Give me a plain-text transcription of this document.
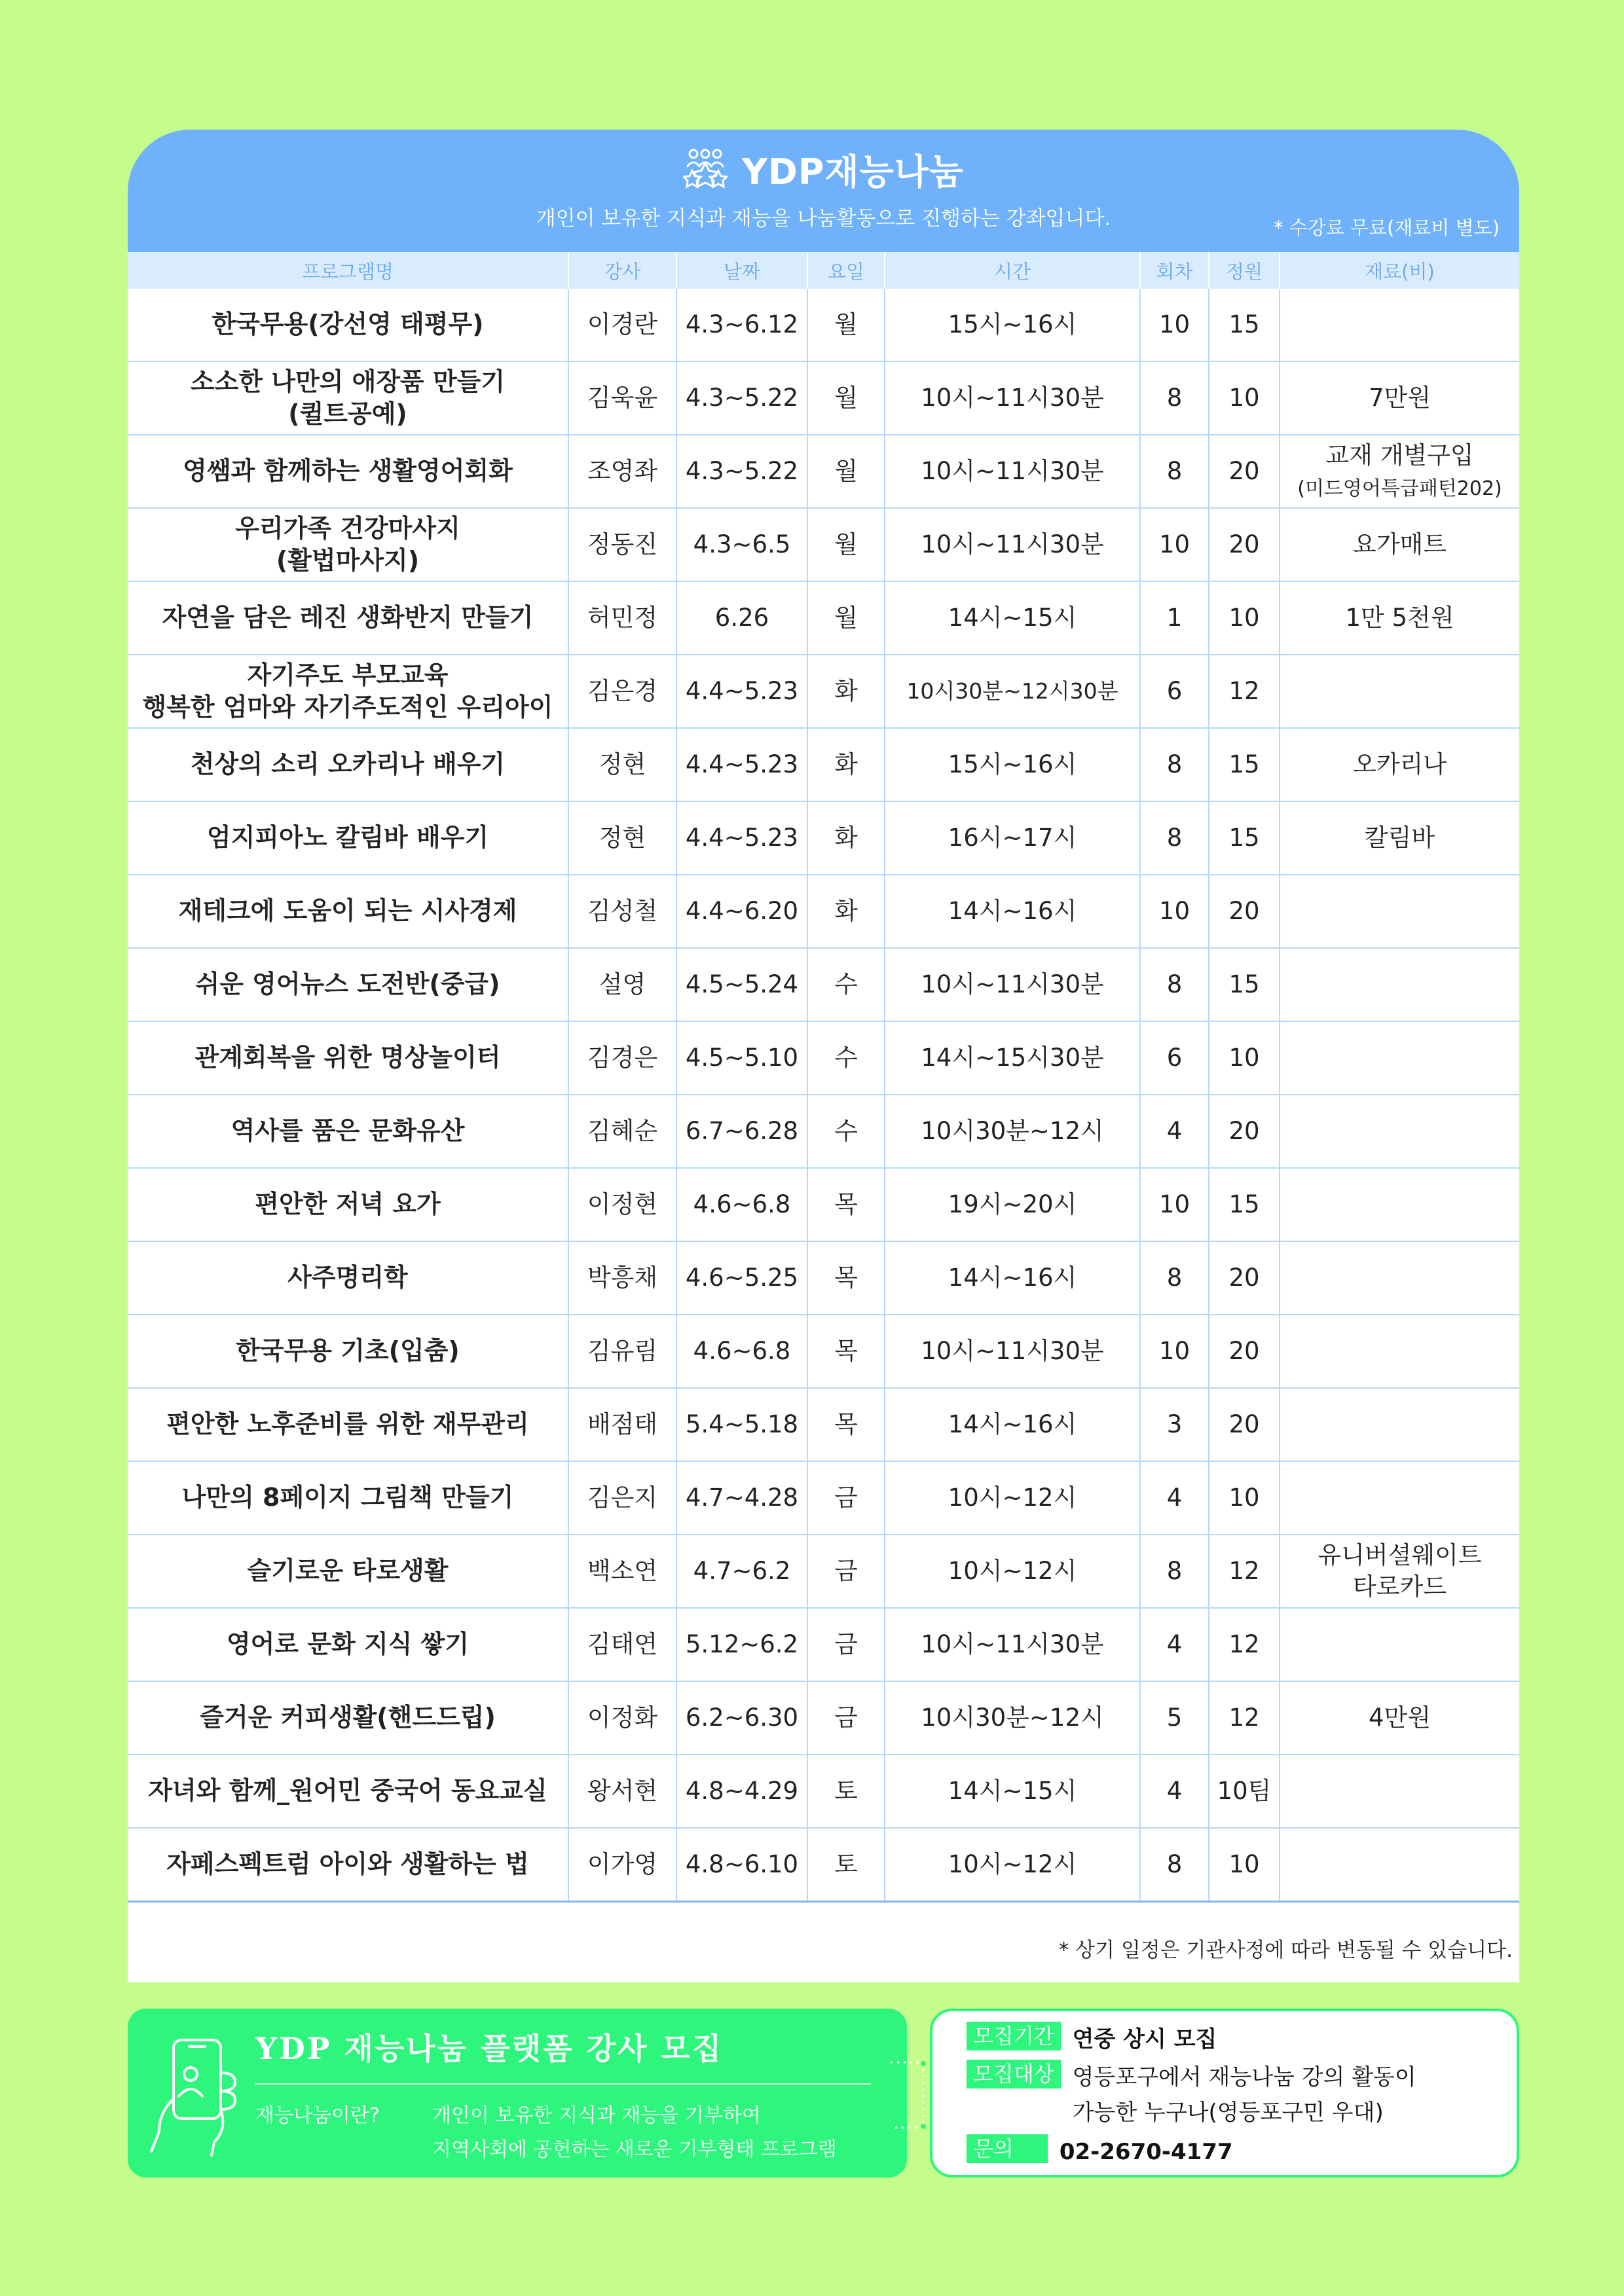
YDP재능나눔
개인이 보유한 지식과 재능을 나눔활동으로 진행하는 강좌입니다.	* 수강료 무료(재료비 별도)
프로그램명	강사	날짜	요일	시간	회차	정원	재료(비)
한국무용(강선영 태평무)	이경란	4.3~6.12	월	15시~16시	10	15	
소소한 나만의 애장품 만들기
(퀼트공예)	김욱윤	4.3~5.22	월	10시~11시30분	8	10	7만원
영쌤과 함께하는 생활영어회화	조영좌	4.3~5.22	월	10시~11시30분	8	20	교재 개별구입
(미드영어특급패턴202)
우리가족 건강마사지
(활법마사지)	정동진	4.3~6.5	월	10시~11시30분	10	20	요가매트
자연을 담은 레진 생화반지 만들기	허민정	6.26	월	14시~15시	1	10	1만 5천원
자기주도 부모교육
행복한 엄마와 자기주도적인 우리아이	김은경	4.4~5.23	화	10시30분~12시30분	6	12	
천상의 소리 오카리나 배우기	정현	4.4~5.23	화	15시~16시	8	15	오카리나
엄지피아노 칼림바 배우기	정현	4.4~5.23	화	16시~17시	8	15	칼림바
재테크에 도움이 되는 시사경제	김성철	4.4~6.20	화	14시~16시	10	20	
쉬운 영어뉴스 도전반(중급)	설영	4.5~5.24	수	10시~11시30분	8	15	
관계회복을 위한 명상놀이터	김경은	4.5~5.10	수	14시~15시30분	6	10	
역사를 품은 문화유산	김혜순	6.7~6.28	수	10시30분~12시	4	20	
편안한 저녁 요가	이정현	4.6~6.8	목	19시~20시	10	15	
사주명리학	박흥채	4.6~5.25	목	14시~16시	8	20	
한국무용 기초(입춤)	김유림	4.6~6.8	목	10시~11시30분	10	20	
편안한 노후준비를 위한 재무관리	배점태	5.4~5.18	목	14시~16시	3	20	
나만의 8페이지 그림책 만들기	김은지	4.7~4.28	금	10시~12시	4	10	
슬기로운 타로생활	백소연	4.7~6.2	금	10시~12시	8	12	유니버셜웨이트
타로카드
영어로 문화 지식 쌓기	김태연	5.12~6.2	금	10시~11시30분	4	12	
즐거운 커피생활(핸드드립)	이정화	6.2~6.30	금	10시30분~12시	5	12	4만원
자녀와 함께_원어민 중국어 동요교실	왕서현	4.8~4.29	토	14시~15시	4	10팀	
자페스펙트럼 아이와 생활하는 법	이가영	4.8~6.10	토	10시~12시	8	10	
* 상기 일정은 기관사정에 따라 변동될 수 있습니다.
YDP 재능나눔 플랫폼 강사 모집
재능나눔이란?	개인이 보유한 지식과 재능을 기부하여
지역사회에 공헌하는 새로운 기부형태 프로그램
모집기간 연중 상시 모집
모집대상 영등포구에서 재능나눔 강의 활동이
가능한 누구나(영등포구민 우대)
문의	02-2670-4177
